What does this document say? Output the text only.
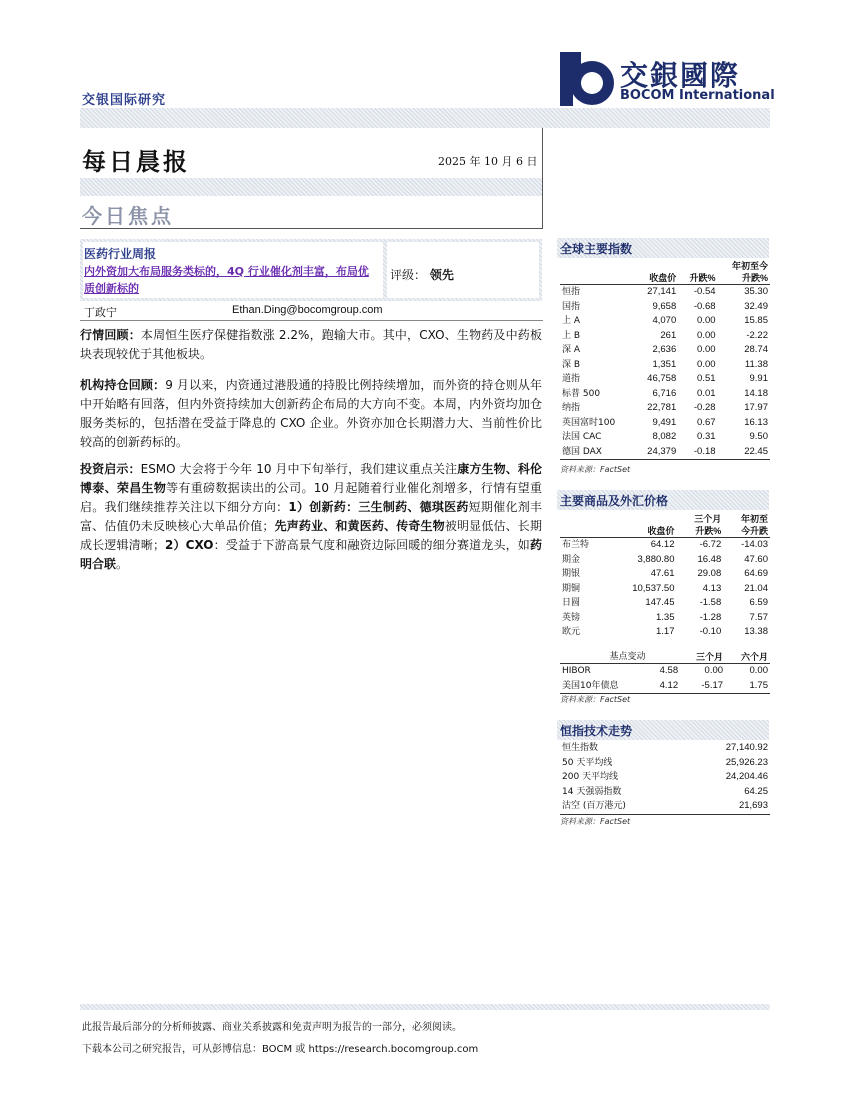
交银国际研究
交銀國際
BOCOM International
每日晨报	2025 年 10 月 6 日
今日焦点
医药行业周报
内外资加大布局服务类标的，4Q 行业催化剂丰富，布局优质创新标的
评级： 领先
丁政宁	Ethan.Ding@bocomgroup.com
行情回顾：本周恒生医疗保健指数涨 2.2%，跑输大市。其中，CXO、生物药及中药板块表现较优于其他板块。
机构持仓回顾：9 月以来，内资通过港股通的持股比例持续增加，而外资的持仓则从年中开始略有回落，但内外资持续加大创新药企布局的大方向不变。本周，内外资均加仓服务类标的，包括潜在受益于降息的 CXO 企业。外资亦加仓长期潜力大、当前性价比较高的创新药标的。
投资启示：ESMO 大会将于今年 10 月中下旬举行，我们建议重点关注康方生物、科伦博泰、荣昌生物等有重磅数据读出的公司。10 月起随着行业催化剂增多，行情有望重启。我们继续推荐关注以下细分方向：1）创新药：三生制药、德琪医药短期催化剂丰富、估值仍未反映核心大单品价值；先声药业、和黄医药、传奇生物被明显低估、长期成长逻辑清晰；2）CXO：受益于下游高景气度和融资边际回暖的细分赛道龙头，如药明合联。
全球主要指数
			年初至今
	收盘价	升跌%	升跌%
恒指	27,141	-0.54	35.30
国指	9,658	-0.68	32.49
上 A	4,070	0.00	15.85
上 B	261	0.00	-2.22
深 A	2,636	0.00	28.74
深 B	1,351	0.00	11.38
道指	46,758	0.51	9.91
标普 500	6,716	0.01	14.18
纳指	22,781	-0.28	17.97
英国富时100	9,491	0.67	16.13
法国 CAC	8,082	0.31	9.50
德国 DAX	24,379	-0.18	22.45
资料来源：FactSet
主要商品及外汇价格
		三个月	年初至
	收盘价	升跌%	今升跌
布兰特	64.12	-6.72	-14.03
期金	3,880.80	16.48	47.60
期银	47.61	29.08	64.69
期铜	10,537.50	4.13	21.04
日圆	147.45	-1.58	6.59
英镑	1.35	-1.28	7.57
欧元	1.17	-0.10	13.38
基点变动		三个月	六个月
HIBOR	4.58	0.00	0.00
美国10年债息	4.12	-5.17	1.75
资料来源：FactSet
恒指技术走势
恒生指数	27,140.92
50 天平均线	25,926.23
200 天平均线	24,204.46
14 天强弱指数	64.25
沽空 (百万港元)	21,693
资料来源：FactSet
此报告最后部分的分析师披露、商业关系披露和免责声明为报告的一部分，必须阅读。
下载本公司之研究报告，可从彭博信息：BOCM 或 https://research.bocomgroup.com
